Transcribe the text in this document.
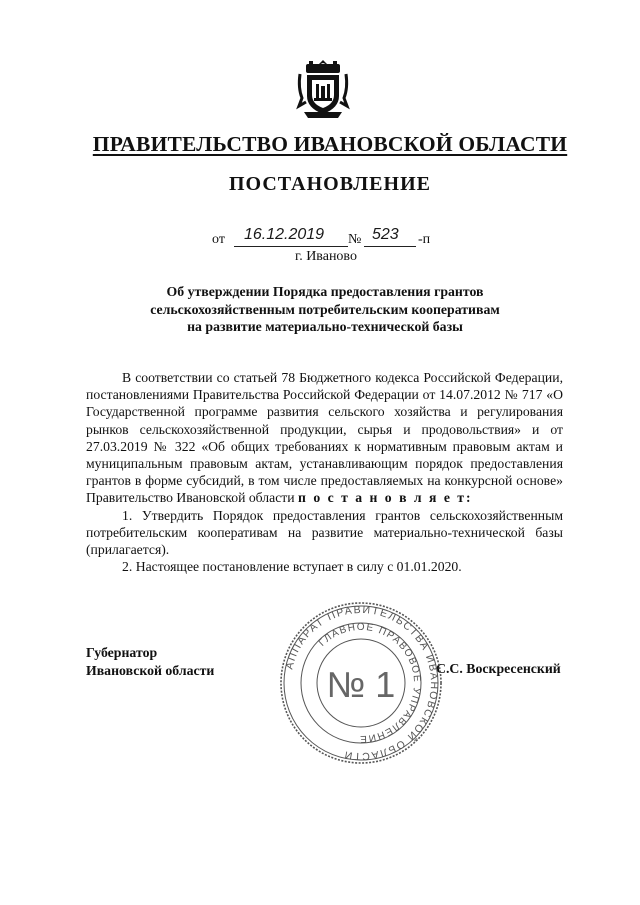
ПРАВИТЕЛЬСТВО ИВАНОВСКОЙ ОБЛАСТИ
ПОСТАНОВЛЕНИЕ
от 16.12.2019 № 523 -п
г. Иваново
Об утверждении Порядка предоставления грантов
сельскохозяйственным потребительским кооперативам
на развитие материально-технической базы

В соответствии со статьей 78 Бюджетного кодекса Российской Федерации, постановлениями Правительства Российской Федерации от 14.07.2012 № 717 «О Государственной программе развития сельского хозяйства и регулирования рынков сельскохозяйственной продукции, сырья и продовольствия» и от 27.03.2019 № 322 «Об общих требованиях к нормативным правовым актам и муниципальным правовым актам, устанавливающим порядок предоставления грантов в форме субсидий, в том числе предоставляемых на конкурсной основе» Правительство Ивановской области п о с т а н о в л я е т:

1. Утвердить Порядок предоставления грантов сельскохозяйственным потребительским кооперативам на развитие материально-технической базы (прилагается).

2. Настоящее постановление вступает в силу с 01.01.2020.

Губернатор
Ивановской области	С.С. Воскресенский
АППАРАТ ПРАВИТЕЛЬСТВА ИВАНОВСКОЙ ОБЛАСТИ
ГЛАВНОЕ ПРАВОВОЕ УПРАВЛЕНИЕ
№ 1
